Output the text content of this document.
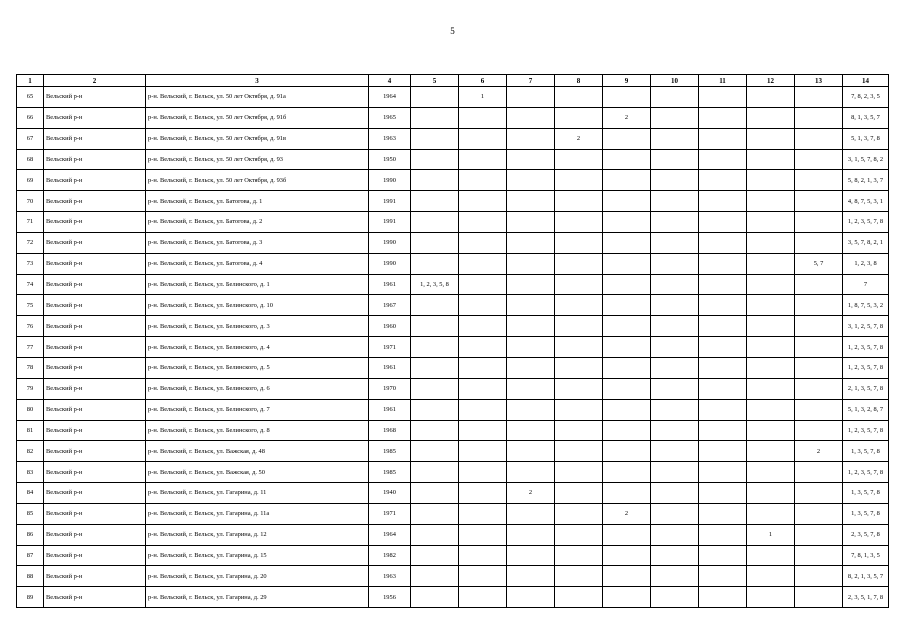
5
1	2	3	4	5	6	7	8	9	10	11	12	13	14
65	Вельский р-н	р-н. Вельский, г. Вельск, ул. 50 лет Октября, д. 91а	1964		1								7, 8, 2, 3, 5
66	Вельский р-н	р-н. Вельский, г. Вельск, ул. 50 лет Октября, д. 91б	1965					2					8, 1, 3, 5, 7
67	Вельский р-н	р-н. Вельский, г. Вельск, ул. 50 лет Октября, д. 91в	1963				2						5, 1, 3, 7, 8
68	Вельский р-н	р-н. Вельский, г. Вельск, ул. 50 лет Октября, д. 93	1950										3, 1, 5, 7, 8, 2
69	Вельский р-н	р-н. Вельский, г. Вельск, ул. 50 лет Октября, д. 93б	1990										5, 8, 2, 1, 3, 7
70	Вельский р-н	р-н. Вельский, г. Вельск, ул. Батогова, д. 1	1991										4, 8, 7, 5, 3, 1
71	Вельский р-н	р-н. Вельский, г. Вельск, ул. Батогова, д. 2	1991										1, 2, 3, 5, 7, 8
72	Вельский р-н	р-н. Вельский, г. Вельск, ул. Батогова, д. 3	1990										3, 5, 7, 8, 2, 1
73	Вельский р-н	р-н. Вельский, г. Вельск, ул. Батогова, д. 4	1990									5, 7	1, 2, 3, 8
74	Вельский р-н	р-н. Вельский, г. Вельск, ул. Белинского, д. 1	1961	1, 2, 3, 5, 8									7
75	Вельский р-н	р-н. Вельский, г. Вельск, ул. Белинского, д. 10	1967										1, 8, 7, 5, 3, 2
76	Вельский р-н	р-н. Вельский, г. Вельск, ул. Белинского, д. 3	1960										3, 1, 2, 5, 7, 8
77	Вельский р-н	р-н. Вельский, г. Вельск, ул. Белинского, д. 4	1971										1, 2, 3, 5, 7, 8
78	Вельский р-н	р-н. Вельский, г. Вельск, ул. Белинского, д. 5	1961										1, 2, 3, 5, 7, 8
79	Вельский р-н	р-н. Вельский, г. Вельск, ул. Белинского, д. 6	1970										2, 1, 3, 5, 7, 8
80	Вельский р-н	р-н. Вельский, г. Вельск, ул. Белинского, д. 7	1961										5, 1, 3, 2, 8, 7
81	Вельский р-н	р-н. Вельский, г. Вельск, ул. Белинского, д. 8	1968										1, 2, 3, 5, 7, 8
82	Вельский р-н	р-н. Вельский, г. Вельск, ул. Важская, д. 48	1985									2	1, 3, 5, 7, 8
83	Вельский р-н	р-н. Вельский, г. Вельск, ул. Важская, д. 50	1985										1, 2, 3, 5, 7, 8
84	Вельский р-н	р-н. Вельский, г. Вельск, ул. Гагарина, д. 11	1940			2							1, 3, 5, 7, 8
85	Вельский р-н	р-н. Вельский, г. Вельск, ул. Гагарина, д. 11а	1971					2					1, 3, 5, 7, 8
86	Вельский р-н	р-н. Вельский, г. Вельск, ул. Гагарина, д. 12	1964								1		2, 3, 5, 7, 8
87	Вельский р-н	р-н. Вельский, г. Вельск, ул. Гагарина, д. 15	1982										7, 8, 1, 3, 5
88	Вельский р-н	р-н. Вельский, г. Вельск, ул. Гагарина, д. 20	1963										8, 2, 1, 3, 5, 7
89	Вельский р-н	р-н. Вельский, г. Вельск, ул. Гагарина, д. 29	1956										2, 3, 5, 1, 7, 8
